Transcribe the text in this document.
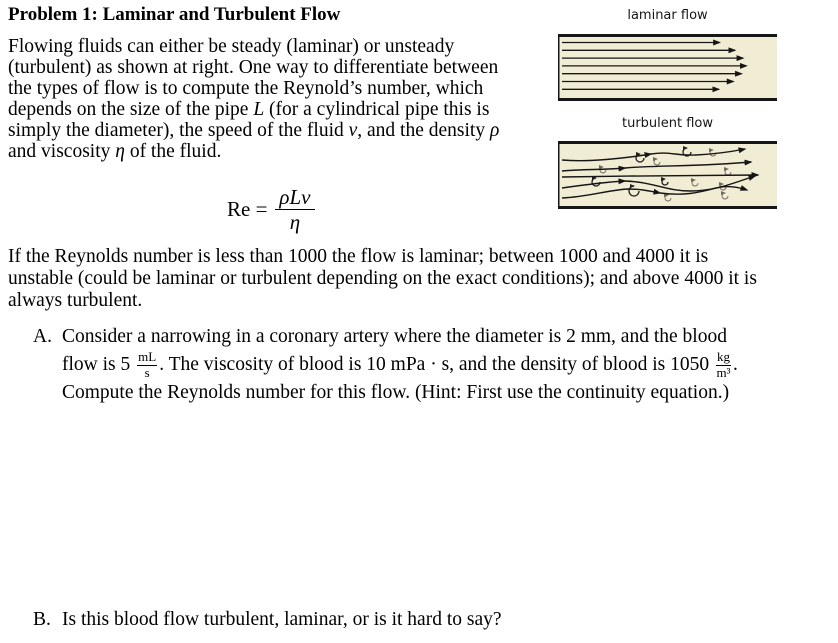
Problem 1: Laminar and Turbulent Flow
Flowing fluids can either be steady (laminar) or unsteady
(turbulent) as shown at right. One way to differentiate between
the types of flow is to compute the Reynold’s number, which
depends on the size of the pipe L (for a cylindrical pipe this is
simply the diameter), the speed of the fluid v, and the density ρ
and viscosity η of the fluid.
$Re = \frac{\text{ρLv}}{\eta}$
If the Reynolds number is less than 1000 the flow is laminar; between 1000 and 4000 it is
unstable (could be laminar or turbulent depending on the exact conditions); and above 4000 it is
always turbulent.
A. Consider a narrowing in a coronary artery where the diameter is 2 mm, and the blood
flow is $5 \frac{mL}{s}$ . The viscosity of blood is 10 mPa · s, and the density of blood is $1050 \frac{kg}{\text{m³}}$ .
Compute the Reynolds number for this flow. (Hint: First use the continuity equation.)
B. Is this blood flow turbulent, laminar, or is it hard to say?
laminar flow
turbulent flow
